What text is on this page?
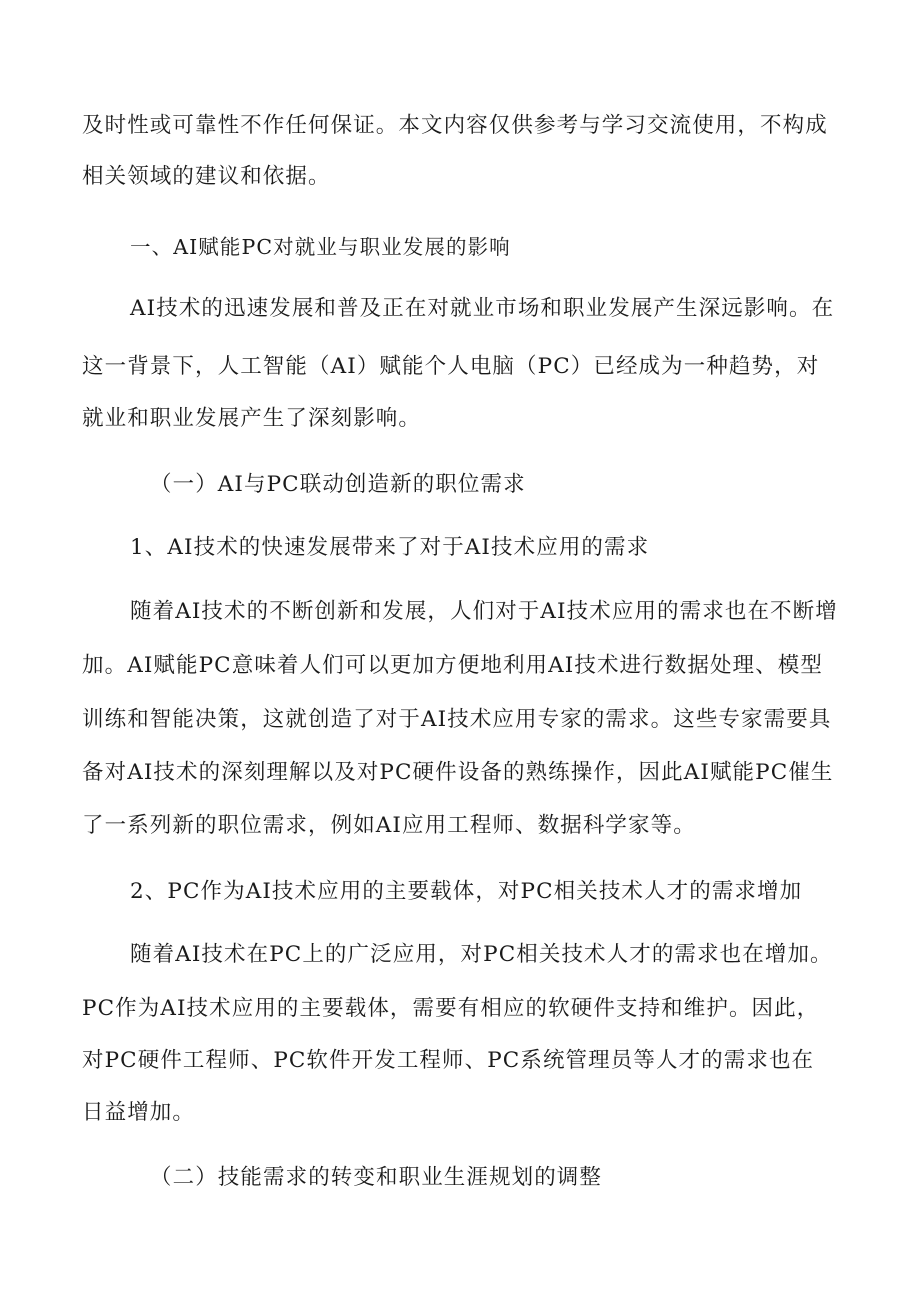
及时性或可靠性不作任何保证。本文内容仅供参考与学习交流使用，不构成
相关领域的建议和依据。
一、AI赋能PC对就业与职业发展的影响
AI技术的迅速发展和普及正在对就业市场和职业发展产生深远影响。在
这一背景下，人工智能（AI）赋能个人电脑（PC）已经成为一种趋势，对
就业和职业发展产生了深刻影响。
（一）AI与PC联动创造新的职位需求
1、AI技术的快速发展带来了对于AI技术应用的需求
随着AI技术的不断创新和发展，人们对于AI技术应用的需求也在不断增
加。AI赋能PC意味着人们可以更加方便地利用AI技术进行数据处理、模型
训练和智能决策，这就创造了对于AI技术应用专家的需求。这些专家需要具
备对AI技术的深刻理解以及对PC硬件设备的熟练操作，因此AI赋能PC催生
了一系列新的职位需求，例如AI应用工程师、数据科学家等。
2、PC作为AI技术应用的主要载体，对PC相关技术人才的需求增加
随着AI技术在PC上的广泛应用，对PC相关技术人才的需求也在增加。
PC作为AI技术应用的主要载体，需要有相应的软硬件支持和维护。因此，
对PC硬件工程师、PC软件开发工程师、PC系统管理员等人才的需求也在
日益增加。
（二）技能需求的转变和职业生涯规划的调整
